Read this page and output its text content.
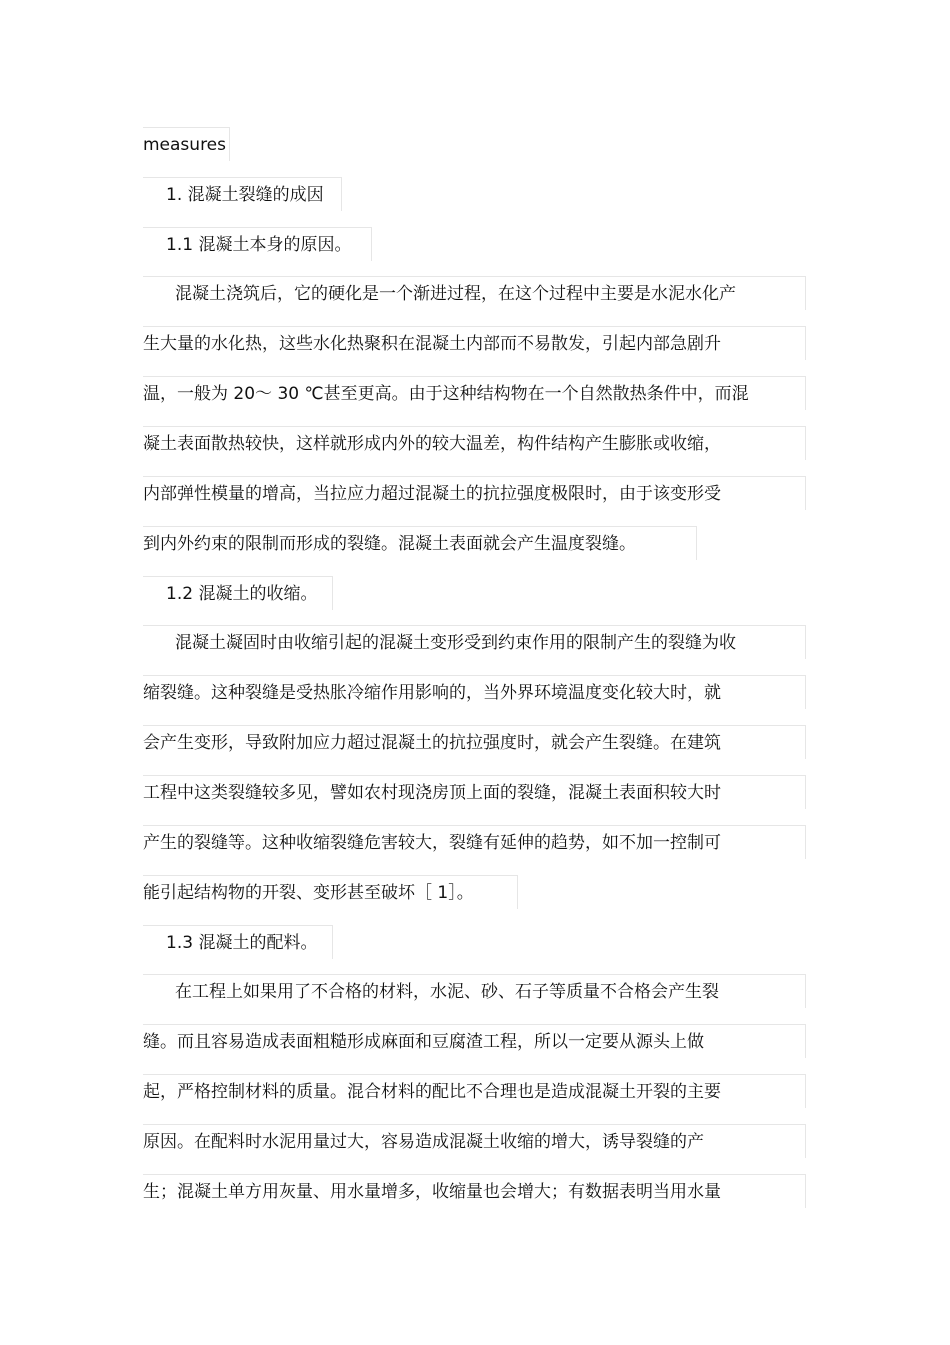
measures
1. 混凝土裂缝的成因
1.1 混凝土本身的原因。
混凝土浇筑后，它的硬化是一个渐进过程，在这个过程中主要是水泥水化产
生大量的水化热，这些水化热聚积在混凝土内部而不易散发，引起内部急剧升
温，一般为 20～ 30 ℃甚至更高。由于这种结构物在一个自然散热条件中，而混
凝土表面散热较快，这样就形成内外的较大温差，构件结构产生膨胀或收缩，
内部弹性模量的增高，当拉应力超过混凝土的抗拉强度极限时，由于该变形受
到内外约束的限制而形成的裂缝。混凝土表面就会产生温度裂缝。
1.2 混凝土的收缩。
混凝土凝固时由收缩引起的混凝土变形受到约束作用的限制产生的裂缝为收
缩裂缝。这种裂缝是受热胀冷缩作用影响的，当外界环境温度变化较大时，就
会产生变形，导致附加应力超过混凝土的抗拉强度时，就会产生裂缝。在建筑
工程中这类裂缝较多见，譬如农村现浇房顶上面的裂缝，混凝土表面积较大时
产生的裂缝等。这种收缩裂缝危害较大，裂缝有延伸的趋势，如不加一控制可
能引起结构物的开裂、变形甚至破坏［ 1］。
1.3 混凝土的配料。
在工程上如果用了不合格的材料，水泥、砂、石子等质量不合格会产生裂
缝。而且容易造成表面粗糙形成麻面和豆腐渣工程，所以一定要从源头上做
起，严格控制材料的质量。混合材料的配比不合理也是造成混凝土开裂的主要
原因。在配料时水泥用量过大，容易造成混凝土收缩的增大，诱导裂缝的产
生；混凝土单方用灰量、用水量增多，收缩量也会增大；有数据表明当用水量
